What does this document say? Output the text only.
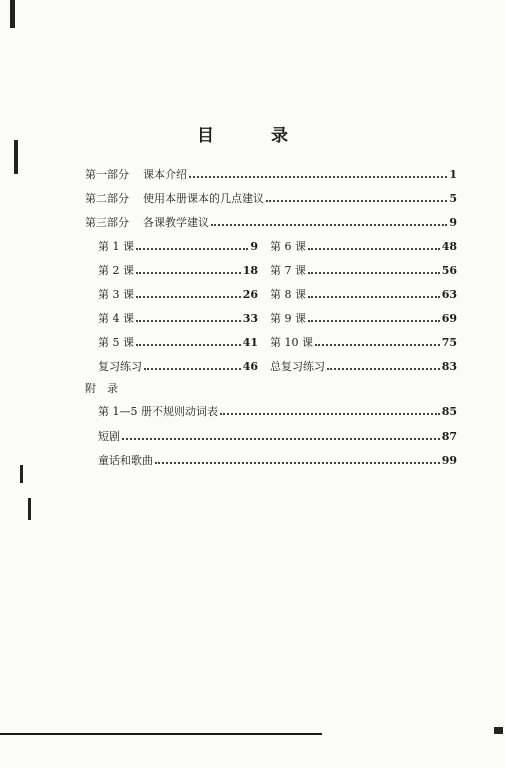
目　录
第一部分 课本介绍	1
第二部分 使用本册课本的几点建议	5
第三部分 各课教学建议	9
第 1 课	9
第 2 课	18
第 3 课	26
第 4 课	33
第 5 课	41
复习练习	46
第 6 课	48
第 7 课	56
第 8 课	63
第 9 课	69
第 10 课	75
总复习练习	83
附　录
第 1—5 册不规则动词表	85
短剧	87
童话和歌曲	99
